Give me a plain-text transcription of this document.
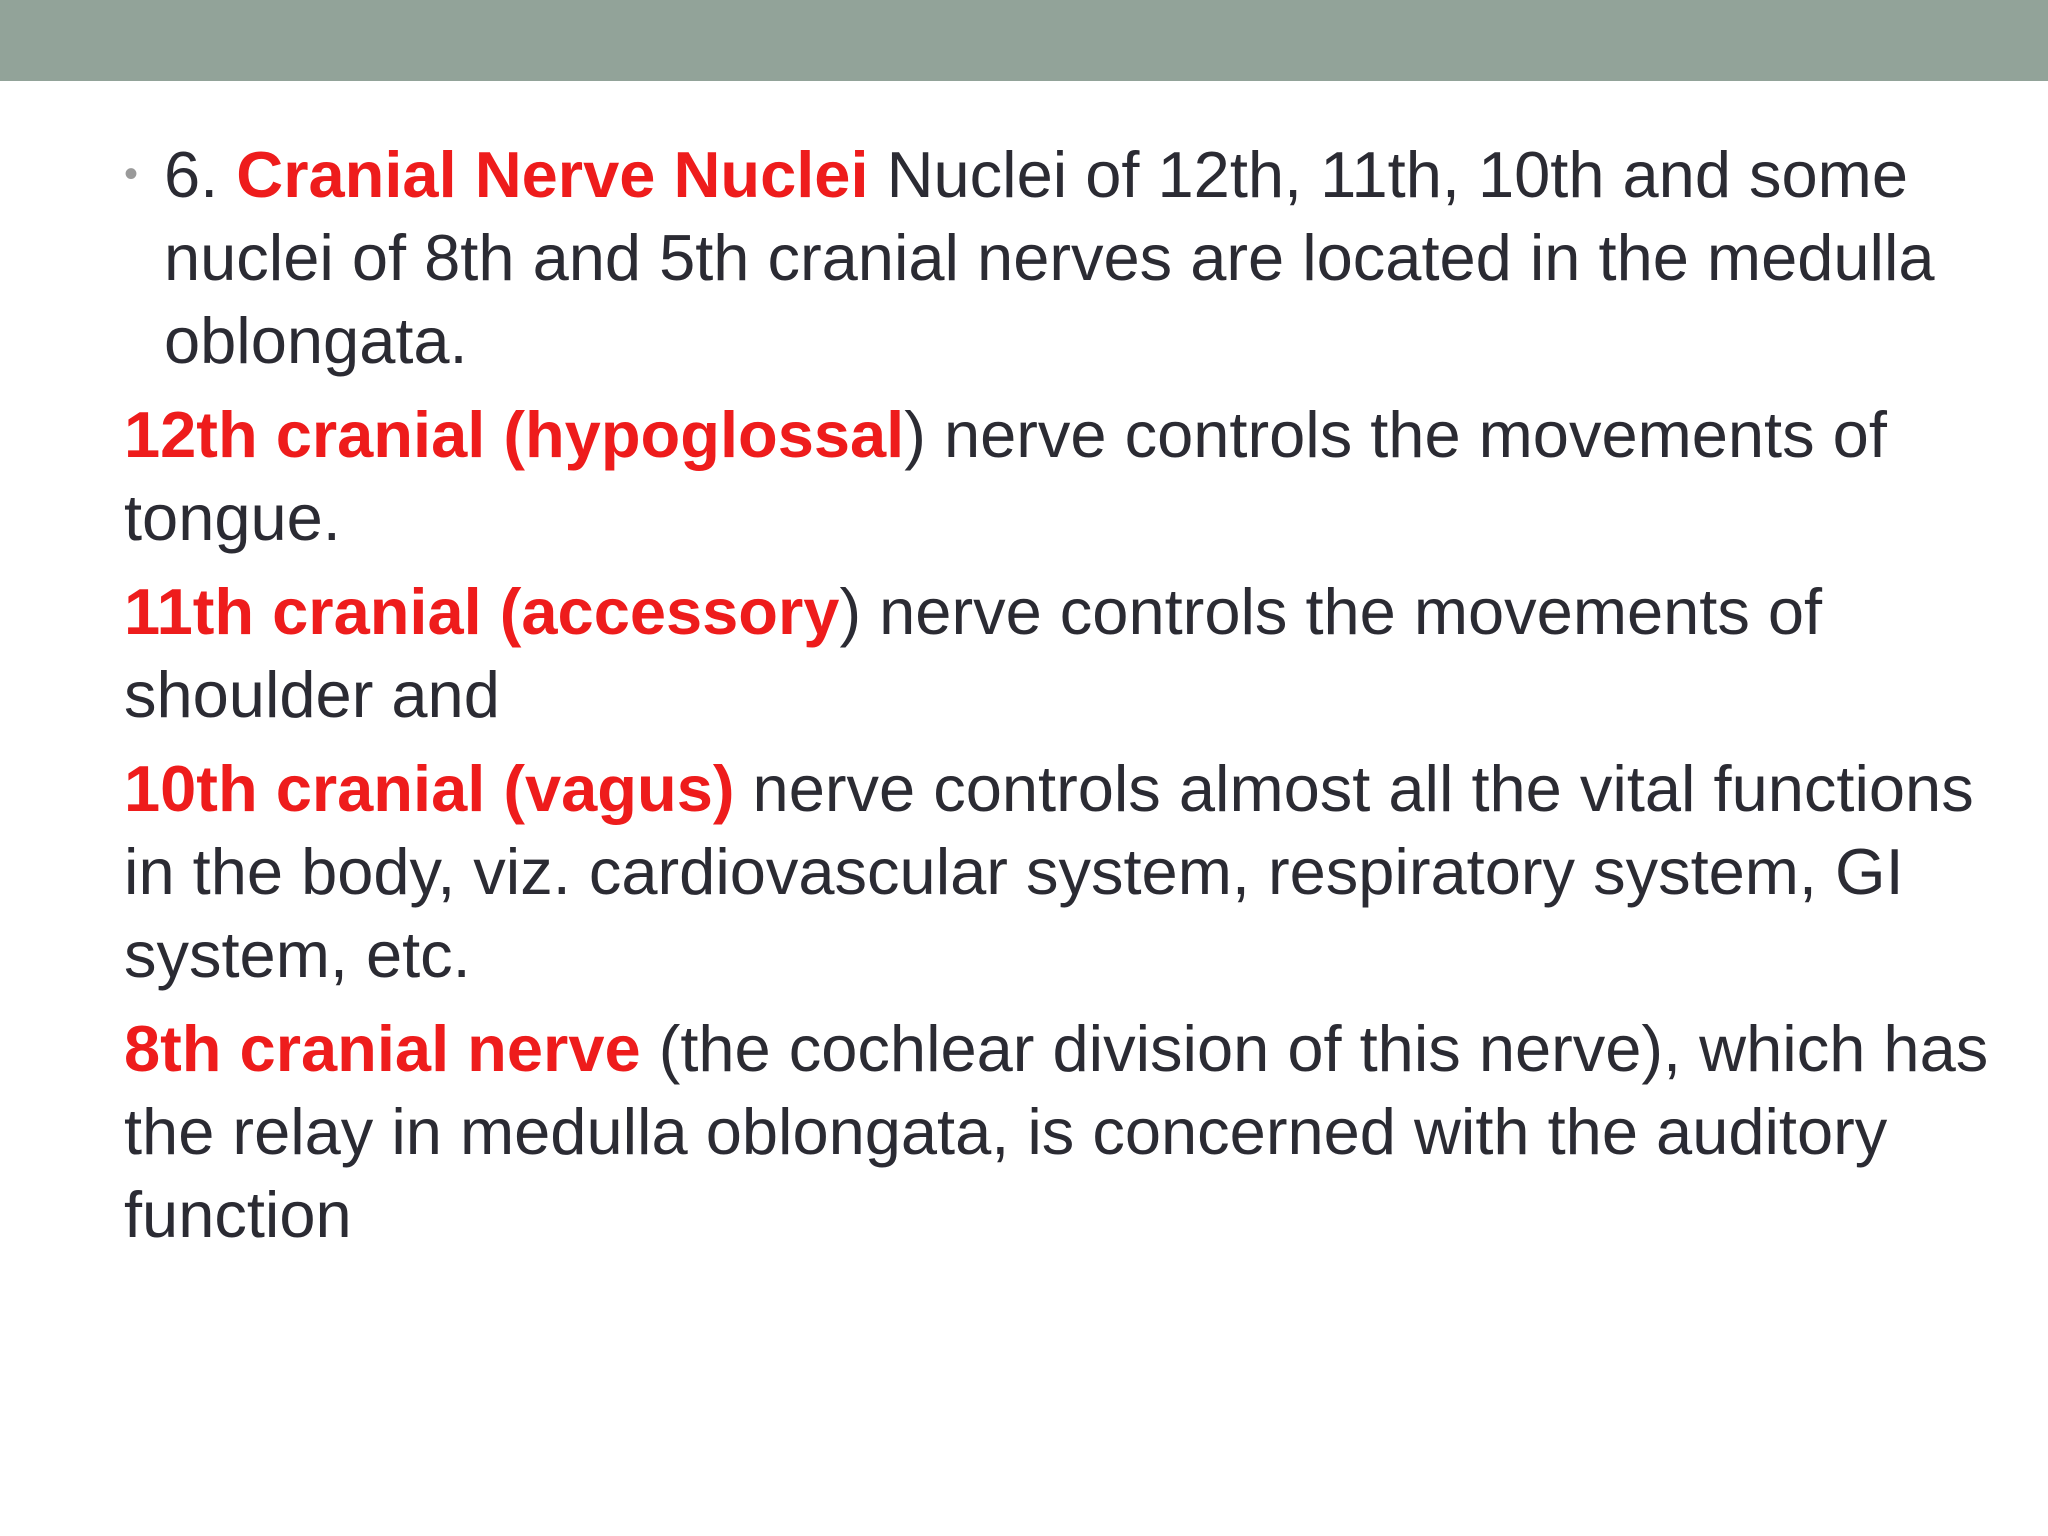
• 6. Cranial Nerve Nuclei Nuclei of 12th, 11th, 10th and some nuclei of 8th and 5th cranial nerves are located in the medulla oblongata.

12th cranial (hypoglossal) nerve controls the movements of tongue.

11th cranial (accessory) nerve controls the movements of shoulder and

10th cranial (vagus) nerve controls almost all the vital functions in the body, viz. cardiovascular system, respiratory system, GI system, etc.

8th cranial nerve (the cochlear division of this nerve), which has the relay in medulla oblongata, is concerned with the auditory function
